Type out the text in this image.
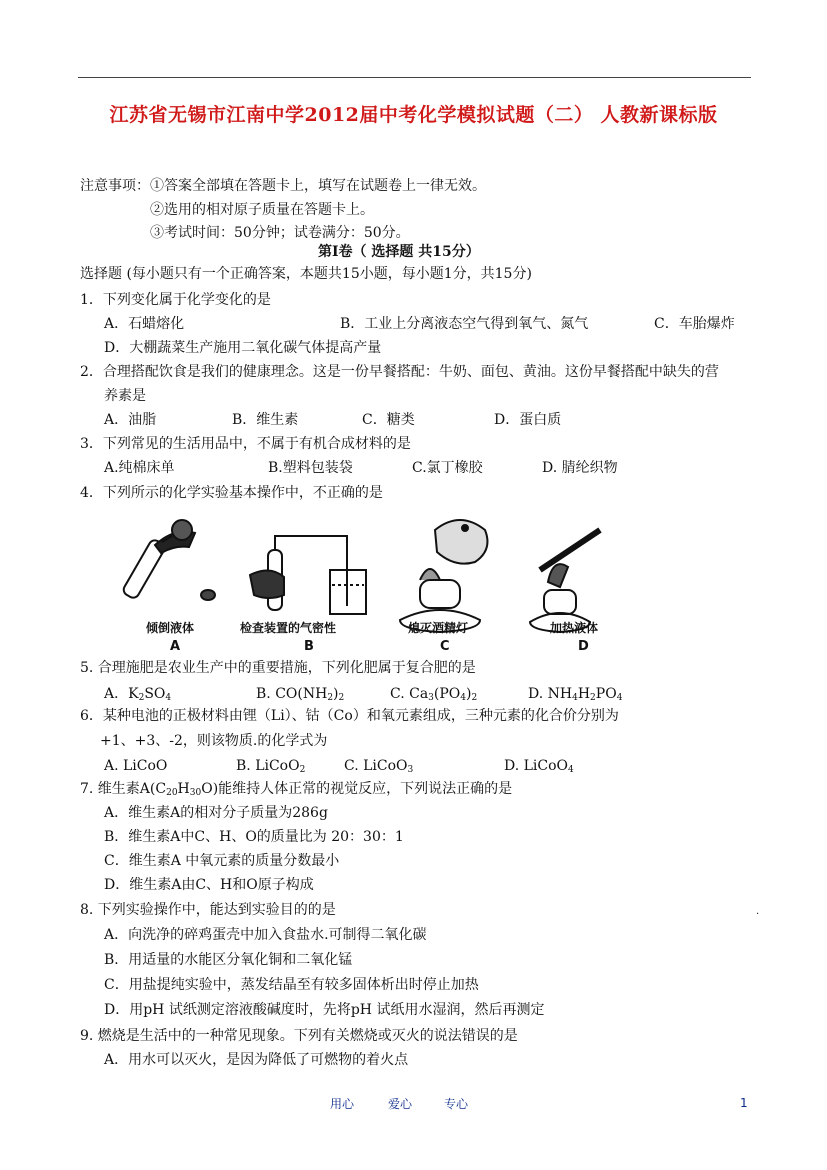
江苏省无锡市江南中学2012届中考化学模拟试题（二） 人教新课标版
注意事项：①答案全部填在答题卡上，填写在试题卷上一律无效。
②选用的相对原子质量在答题卡上。
③考试时间：50分钟；试卷满分：50分。
第Ⅰ卷（ 选择题 共15分）
选择题 (每小题只有一个正确答案，本题共15小题，每小题1分，共15分)
1．下列变化属于化学变化的是
A．石蜡熔化	B．工业上分离液态空气得到氧气、氮气	C．车胎爆炸
D．大棚蔬菜生产施用二氧化碳气体提高产量
2．合理搭配饮食是我们的健康理念。这是一份早餐搭配：牛奶、面包、黄油。这份早餐搭配中缺失的营
养素是
A．油脂	B．维生素	C．糖类	D．蛋白质
3．下列常见的生活用品中，不属于有机合成材料的是
A.纯棉床单	B.塑料包装袋	C.氯丁橡胶	D. 腈纶织物
4．下列所示的化学实验基本操作中，不正确的是
倾倒液体
A
检查装置的气密性
B
熄灭酒精灯
C
加热液体
D
5. 合理施肥是农业生产中的重要措施，下列化肥属于复合肥的是
A．$K_2SO_4$	B. $CO(NH_2)_2$	C. $Ca_3(PO_4)_2$	D. $NH_4H_2PO_4$
6．某种电池的正极材料由锂（Li）、钴（Co）和氧元素组成，三种元素的化合价分别为
+1、+3、-2，则该物质.的化学式为
A. LiCoO	B. LiCoO$_2$	C. LiCoO$_3$	D. LiCoO$_4$
7. 维生素$A(C_{20}H_{30}O)$能维持人体正常的视觉反应，下列说法正确的是
A．维生素A的相对分子质量为286g
B．维生素A中C、H、O的质量比为 20：30：1
C．维生素A 中氧元素的质量分数最小
D．维生素A由C、H和O原子构成
8. 下列实验操作中，能达到实验目的的是	.
A．向洗净的碎鸡蛋壳中加入食盐水.可制得二氧化碳
B．用适量的水能区分氧化铜和二氧化锰
C．用盐提纯实验中，蒸发结晶至有较多固体析出时停止加热
D．用pH 试纸测定溶液酸碱度时，先将pH 试纸用水湿润，然后再测定
9. 燃烧是生活中的一种常见现象。下列有关燃烧或灭火的说法错误的是
A．用水可以灭火，是因为降低了可燃物的着火点
用心	爱心	专心	1
